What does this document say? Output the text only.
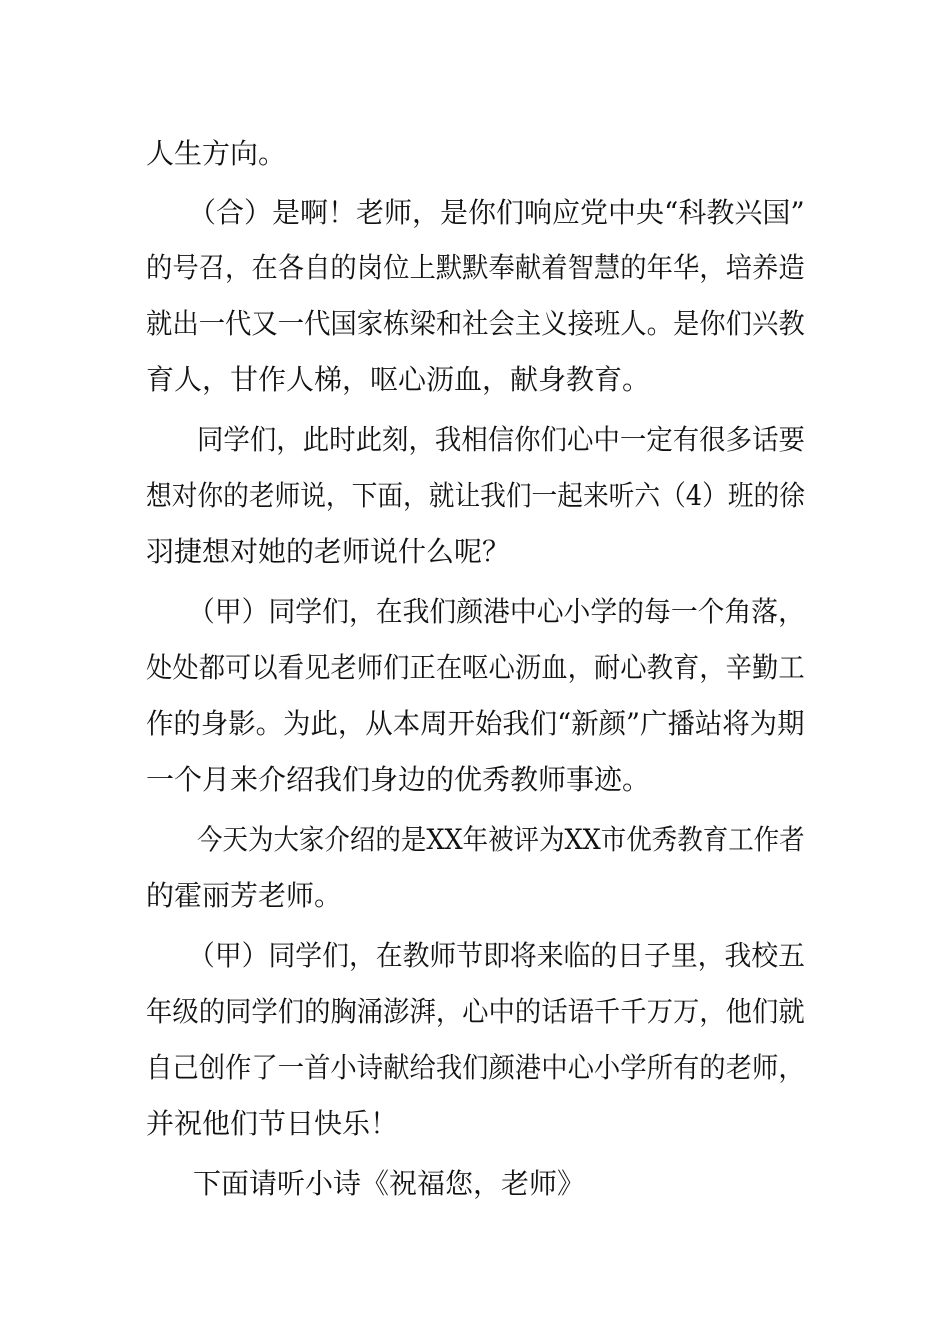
人生方向。
（合）是啊！老师，是你们响应党中央“科教兴国”
的号召，在各自的岗位上默默奉献着智慧的年华，培养造
就出一代又一代国家栋梁和社会主义接班人。是你们兴教
育人，甘作人梯，呕心沥血，献身教育。
同学们，此时此刻，我相信你们心中一定有很多话要
想对你的老师说，下面，就让我们一起来听六（4）班的徐
羽捷想对她的老师说什么呢？
（甲）同学们，在我们颜港中心小学的每一个角落，
处处都可以看见老师们正在呕心沥血，耐心教育，辛勤工
作的身影。为此，从本周开始我们“新颜”广播站将为期
一个月来介绍我们身边的优秀教师事迹。
今天为大家介绍的是XX年被评为XX市优秀教育工作者
的霍丽芳老师。
（甲）同学们，在教师节即将来临的日子里，我校五
年级的同学们的胸涌澎湃，心中的话语千千万万，他们就
自己创作了一首小诗献给我们颜港中心小学所有的老师，
并祝他们节日快乐！
下面请听小诗《祝福您，老师》
